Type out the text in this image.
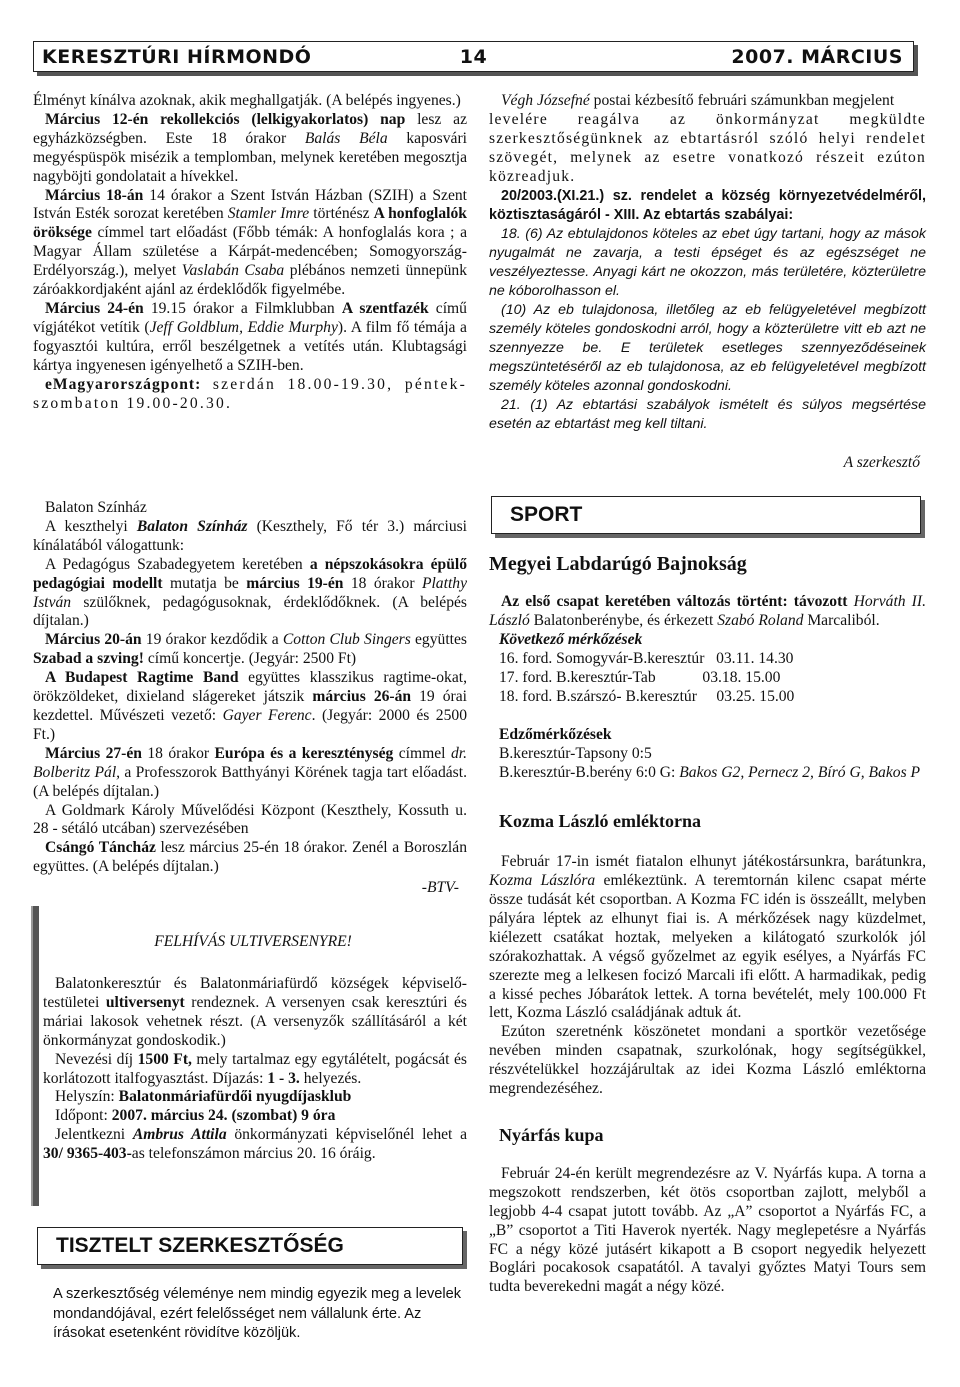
KERESZTÚRI HÍRMONDÓ	14	2007. MÁRCIUS

Élményt kínálva azoknak, akik meghallgatják. (A belépés ingyenes.)

Március 12-én rekollekciós (lelkigyakorlatos) nap lesz az egyházközségben. Este 18 órakor Balás Béla kaposvári megyéspüspök misézik a templomban, melynek keretében megosztja nagyböjti gondolatait a hívekkel.

Március 18-án 14 órakor a Szent István Házban (SZIH) a Szent István Esték sorozat keretében Stamler Imre történész A honfoglalók öröksége címmel tart előadást (Főbb témák: A honfoglalás kora ; a Magyar Állam születése a Kárpát-medencében; Somogyország-Erdélyország.), melyet Vaslabán Csaba plébános nemzeti ünnepünk záróakkordjaként ajánl az érdeklődők figyelmébe.

Március 24-én 19.15 órakor a Filmklubban A szentfazék című vígjátékot vetítik (Jeff Goldblum, Eddie Murphy). A film fő témája a fogyasztói kultúra, erről beszélgetnek a vetítés után. Klubtagsági kártya ingyenesen igényelhető a SZIH-ben.

eMagyarországpont: szerdán 18.00-19.30, péntek-szombaton 19.00-20.30.

Balaton Színház

A keszthelyi Balaton Színház (Keszthely, Fő tér 3.) márciusi kínálatából válogattunk:

A Pedagógus Szabadegyetem keretében a népszokásokra épülő pedagógiai modellt mutatja be március 19-én 18 órakor Platthy István szülőknek, pedagógusoknak, érdeklődőknek. (A belépés díjtalan.)

Március 20-án 19 órakor kezdődik a Cotton Club Singers együttes Szabad a szving! című koncertje. (Jegyár: 2500 Ft)

A Budapest Ragtime Band együttes klasszikus ragtime-okat, örökzöldeket, dixieland slágereket játszik március 26-án 19 órai kezdettel. Művészeti vezető: Gayer Ferenc. (Jegyár: 2000 és 2500 Ft.)

Március 27-én 18 órakor Európa és a kereszténység címmel dr. Bolberitz Pál, a Professzorok Batthyányi Körének tagja tart előadást. (A belépés díjtalan.)

A Goldmark Károly Művelődési Központ (Keszthely, Kossuth u. 28 - sétáló utcában) szervezésében

Csángó Táncház lesz március 25-én 18 órakor. Zenél a Boroszlán együttes. (A belépés díjtalan.)

-BTV-

FELHÍVÁS ULTIVERSENYRE!

Balatonkeresztúr és Balatonmáriafürdő községek képviselő-testületei ultiversenyt rendeznek. A versenyen csak keresztúri és máriai lakosok vehetnek részt. (A versenyzők szállításáról a két önkormányzat gondoskodik.)

Nevezési díj 1500 Ft, mely tartalmaz egy egytálételt, pogácsát és korlátozott italfogyasztást. Díjazás: 1 - 3. helyezés.

Helyszín: Balatonmáriafürdői nyugdíjasklub

Időpont: 2007. március 24. (szombat) 9 óra

Jelentkezni Ambrus Attila önkormányzati képviselőnél lehet a 30/ 9365-403-as telefonszámon március 20. 16 óráig.

TISZTELT SZERKESZTŐSÉG
A szerkesztőség véleménye nem mindig egyezik meg a levelek mondandójával, ezért felelősséget nem vállalunk érte. Az írásokat esetenként rövidítve közöljük.

Végh Józsefné postai kézbesítő februári számunkban megjelent

levelére reagálva az önkormányzat megküldte szerkesztőségünknek az ebtartásról szóló helyi rendelet szövegét, melynek az esetre vonatkozó részeit ezúton közreadjuk.

20/2003.(XI.21.) sz. rendelet a község környezetvédelméről, köztisztaságáról - XIII. Az ebtartás szabályai:

18. (6) Az ebtulajdonos köteles az ebet úgy tartani, hogy az mások nyugalmát ne zavarja, a testi épséget és az egészséget ne veszélyeztesse. Anyagi kárt ne okozzon, más területére, közterületre ne kóborolhasson el.

(10) Az eb tulajdonosa, illetőleg az eb felügyeletével megbízott személy köteles gondoskodni arról, hogy a közterületre vitt eb azt ne szennyezze be. E területek esetleges szennyeződéseinek megszüntetéséről az eb tulajdonosa, az eb felügyeletével megbízott személy köteles azonnal gondoskodni.

21. (1) Az ebtartási szabályok ismételt és súlyos megsértése esetén az ebtartást meg kell tiltani.

A szerkesztő

SPORT

Megyei Labdarúgó Bajnokság

Az első csapat keretében változás történt: távozott Horváth II. László Balatonberénybe, és érkezett Szabó Roland Marcaliból.

Következő mérkőzések

16. ford. Somogyvár-B.keresztúr   03.11. 14.30

17. ford. B.keresztúr-Tab            03.18. 15.00

18. ford. B.szárszó- B.keresztúr     03.25. 15.00

Edzőmérkőzések

B.keresztúr-Tapsony 0:5

B.keresztúr-B.berény 6:0 G: Bakos G2, Pernecz 2, Bíró G, Bakos P

Kozma László emléktorna

Február 17-in ismét fiatalon elhunyt játékostársunkra, barátunkra, Kozma Lászlóra emlékeztünk. A teremtornán kilenc csapat mérte össze tudását két csoportban. A Kozma FC idén is összeállt, melyben pályára léptek az elhunyt fiai is. A mérkőzések nagy küzdelmet, kiélezett csatákat hoztak, melyeken a kilátogató szurkolók jól szórakozhattak. A végső győzelmet az egyik esélyes, a Nyárfás FC szerezte meg a lelkesen focizó Marcali ifi előtt. A harmadikak, pedig a kissé peches Jóbarátok lettek. A torna bevételét, mely 100.000 Ft lett, Kozma László családjának adtuk át.

Ezúton szeretnénk köszönetet mondani a sportkör vezetősége nevében minden csapatnak, szurkolónak, hogy segítségükkel, részvételükkel hozzájárultak az idei Kozma László emléktorna megrendezéséhez.

Nyárfás kupa

Február 24-én került megrendezésre az V. Nyárfás kupa. A torna a megszokott rendszerben, két ötös csoportban zajlott, melyből a legjobb 4-4 csapat jutott tovább. Az „A” csoportot a Nyárfás FC, a „B” csoportot a Titi Haverok nyerték. Nagy meglepetésre a Nyárfás FC a négy közé jutásért kikapott a B csoport negyedik helyezett Boglári pocakosok csapatától. A tavalyi győztes Matyi Tours sem tudta beverekedni magát a négy közé.
